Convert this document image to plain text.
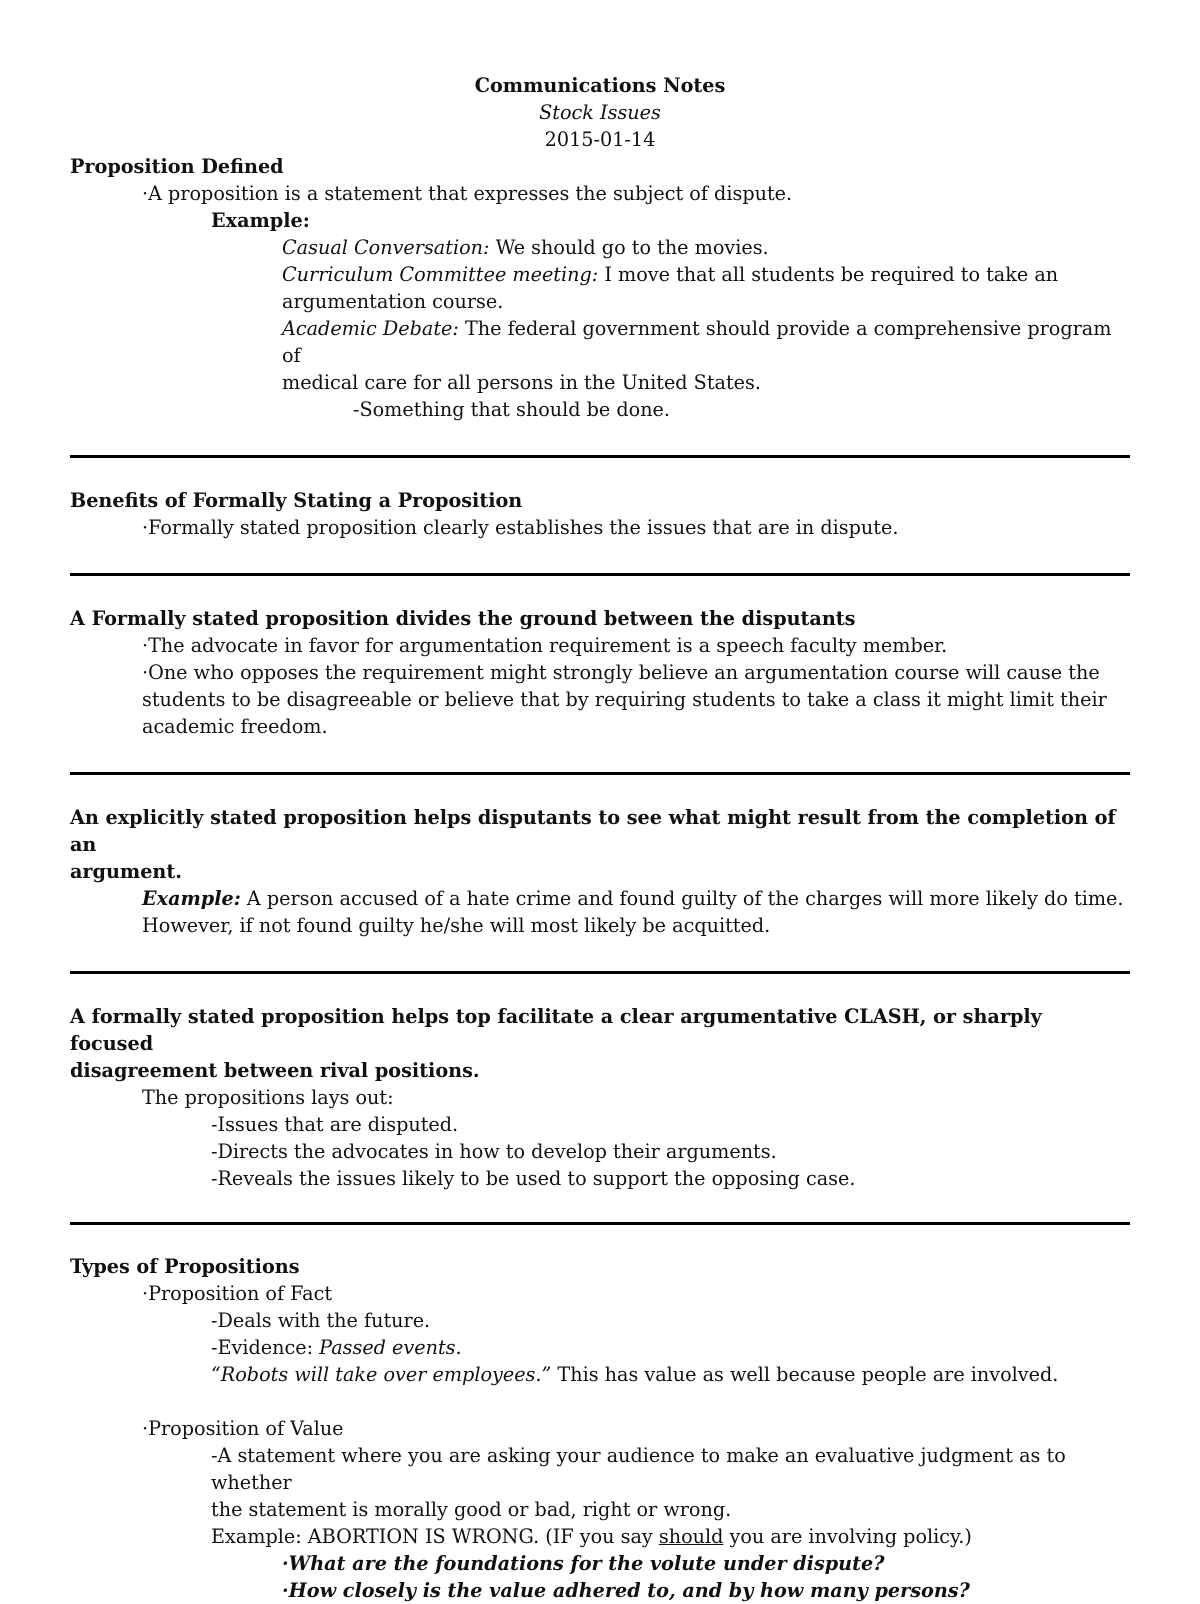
Communications Notes

Stock Issues

2015-01-14

Proposition Defined

·A proposition is a statement that expresses the subject of dispute.

Example:

Casual Conversation: We should go to the movies.

Curriculum Committee meeting: I move that all students be required to take an

argumentation course.

Academic Debate: The federal government should provide a comprehensive program of

medical care for all persons in the United States.

-Something that should be done.

Benefits of Formally Stating a Proposition

·Formally stated proposition clearly establishes the issues that are in dispute.

A Formally stated proposition divides the ground between the disputants

·The advocate in favor for argumentation requirement is a speech faculty member.

·One who opposes the requirement might strongly believe an argumentation course will cause the

students to be disagreeable or believe that by requiring students to take a class it might limit their

academic freedom.

An explicitly stated proposition helps disputants to see what might result from the completion of an

argument.

Example: A person accused of a hate crime and found guilty of the charges will more likely do time.

However, if not found guilty he/she will most likely be acquitted.

A formally stated proposition helps top facilitate a clear argumentative CLASH, or sharply focused

disagreement between rival positions.

The propositions lays out:

-Issues that are disputed.

-Directs the advocates in how to develop their arguments.

-Reveals the issues likely to be used to support the opposing case.

Types of Propositions

·Proposition of Fact

-Deals with the future.

-Evidence: Passed events.

“Robots will take over employees.” This has value as well because people are involved.

·Proposition of Value

-A statement where you are asking your audience to make an evaluative judgment as to whether

the statement is morally good or bad, right or wrong.

Example: ABORTION IS WRONG. (IF you say should you are involving policy.)

·What are the foundations for the volute under dispute?

·How closely is the value adhered to, and by how many persons?
